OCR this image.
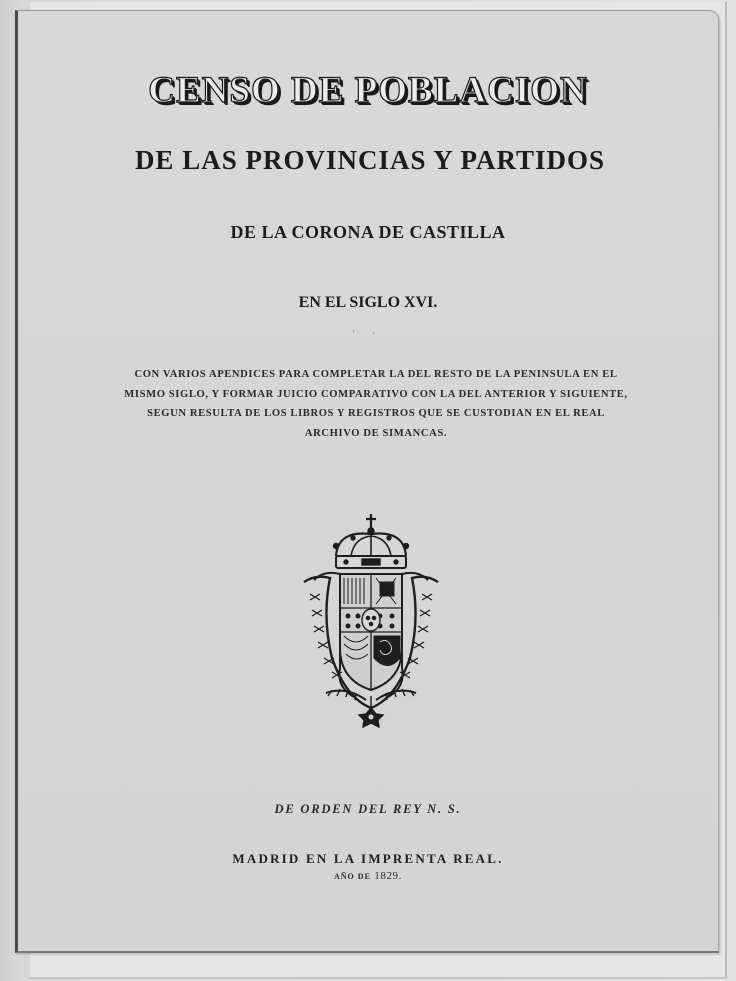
CENSO DE POBLACION
DE LAS PROVINCIAS Y PARTIDOS
DE LA CORONA DE CASTILLA
EN EL SIGLO XVI.
' ·
CON VARIOS APENDICES PARA COMPLETAR LA DEL RESTO DE LA PENINSULA EN EL
MISMO SIGLO, Y FORMAR JUICIO COMPARATIVO CON LA DEL ANTERIOR Y SIGUIENTE,
SEGUN RESULTA DE LOS LIBROS Y REGISTROS QUE SE CUSTODIAN EN EL REAL
ARCHIVO DE SIMANCAS.
DE ORDEN DEL REY N. S.
MADRID EN LA IMPRENTA REAL.
AÑO DE 1829.
